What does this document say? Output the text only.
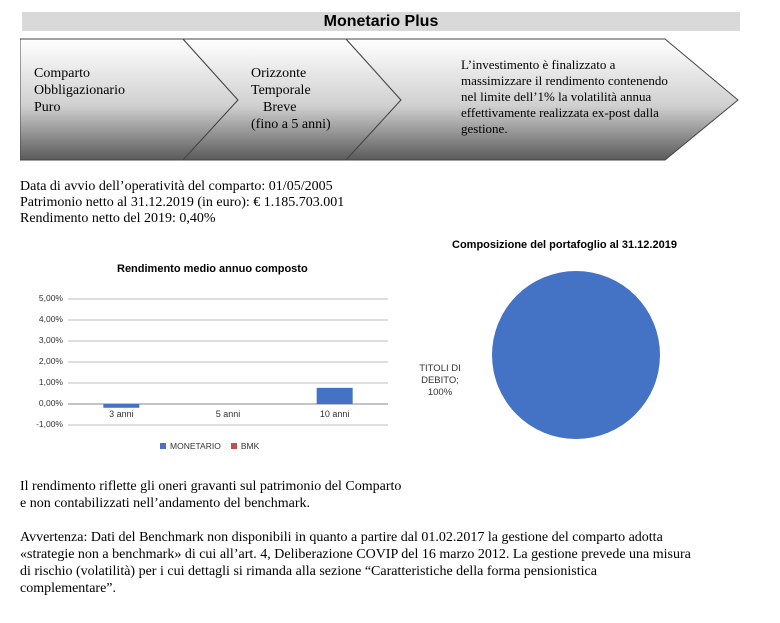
Monetario Plus
Comparto
Obbligazionario
Puro
Orizzonte
Temporale
Breve
(fino a 5 anni)
L’investimento è finalizzato a
massimizzare il rendimento contenendo
nel limite dell’1% la volatilità annua
effettivamente realizzata ex-post dalla
gestione.
Data di avvio dell’operatività del comparto: 01/05/2005
Patrimonio netto al 31.12.2019 (in euro): € 1.185.703.001
Rendimento netto del 2019: 0,40%
Rendimento medio annuo composto
Composizione del portafoglio al 31.12.2019
5,00%
4,00%
3,00%
2,00%
1,00%
0,00%
-1,00%
3 anni	5 anni	10 anni
MONETARIO BMK
TITOLI DI
DEBITO;
100%
Il rendimento riflette gli oneri gravanti sul patrimonio del Comparto
e non contabilizzati nell’andamento del benchmark.
Avvertenza: Dati del Benchmark non disponibili in quanto a partire dal 01.02.2017 la gestione del comparto adotta
«strategie non a benchmark» di cui all’art. 4, Deliberazione COVIP del 16 marzo 2012. La gestione prevede una misura
di rischio (volatilità) per i cui dettagli si rimanda alla sezione “Caratteristiche della forma pensionistica
complementare”.
